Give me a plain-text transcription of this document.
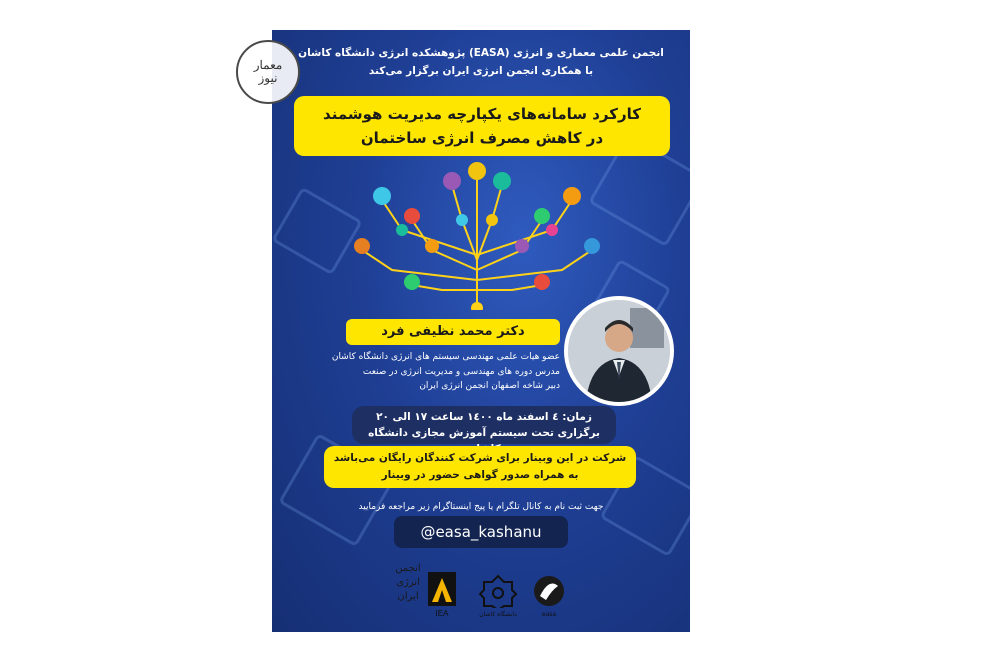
معمار
نیوز
انجمن علمی معماری و انرژی (EASA) پژوهشکده انرژی دانشگاه کاشان
با همکاری انجمن انرژی ایران برگزار می‌کند
کارکرد سامانه‌های یکپارچه مدیریت هوشمند
در کاهش مصرف انرژی ساختمان
دکتر محمد نظیفی فرد
عضو هیات علمی مهندسی سیستم های انرژی دانشگاه کاشان
مدرس دوره های مهندسی و مدیریت انرژی در صنعت
دبیر شاخه اصفهان انجمن انرژی ایران
زمان: ٤ اسفند ماه ١٤٠٠ ساعت ١٧ الی ٢٠
برگزاری تحت سیستم آموزش مجازی دانشگاه
شرکت در این وبینار برای شرکت کنندگان رایگان می‌باشد
به همراه صدور گواهی حضور در وبینار
جهت ثبت نام به کانال تلگرام یا پیج اینستاگرام زیر مراجعه فرمایید
@easa_kashanu
انجمن
انرژی
ایران
IEA	دانشگاه کاشان	easa
